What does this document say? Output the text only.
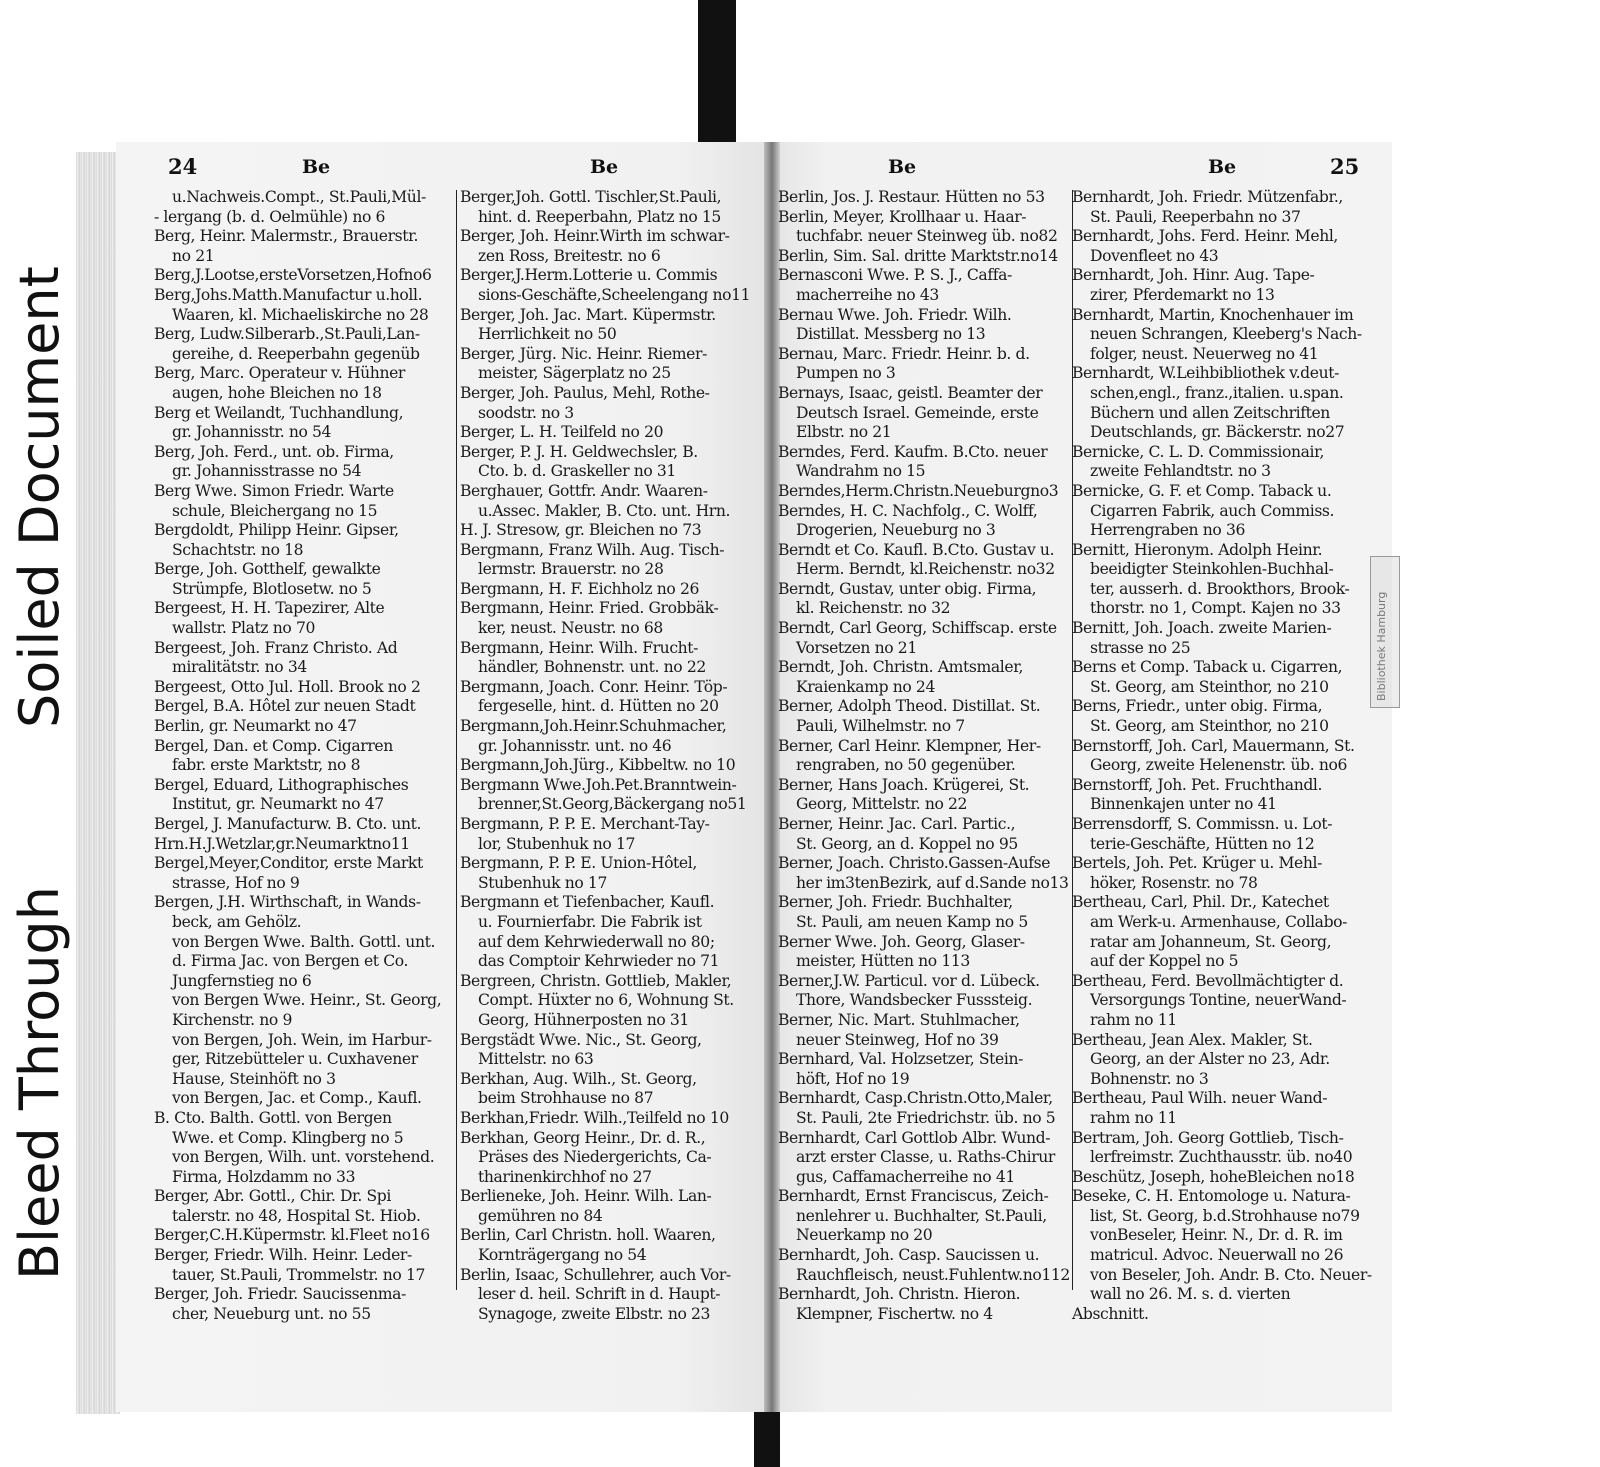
Soiled Document
Bleed Through
24	Be	Be	Be	Be	25
u.Nachweis.Compt., St.Pauli,Mül-
- lergang (b. d. Oelmühle) no 6
Berg, Heinr. Malermstr., Brauerstr.
no 21
Berg,J.Lootse,ersteVorsetzen,Hofno6
Berg,Johs.Matth.Manufactur u.holl.
Waaren, kl. Michaeliskirche no 28
Berg, Ludw.Silberarb.,St.Pauli,Lan-
gereihe, d. Reeperbahn gegenüb
Berg, Marc. Operateur v. Hühner
augen, hohe Bleichen no 18
Berg et Weilandt, Tuchhandlung,
gr. Johannisstr. no 54
Berg, Joh. Ferd., unt. ob. Firma,
gr. Johannisstrasse no 54
Berg Wwe. Simon Friedr. Warte
schule, Bleichergang no 15
Bergdoldt, Philipp Heinr. Gipser,
Schachtstr. no 18
Berge, Joh. Gotthelf, gewalkte
Strümpfe, Blotlosetw. no 5
Bergeest, H. H. Tapezirer, Alte
wallstr. Platz no 70
Bergeest, Joh. Franz Christo. Ad
miralitätstr. no 34
Bergeest, Otto Jul. Holl. Brook no 2
Bergel, B.A. Hôtel zur neuen Stadt
Berlin, gr. Neumarkt no 47
Bergel, Dan. et Comp. Cigarren
fabr. erste Marktstr, no 8
Bergel, Eduard, Lithographisches
Institut, gr. Neumarkt no 47
Bergel, J. Manufacturw. B. Cto. unt.
Hrn.H.J.Wetzlar,gr.Neumarktno11
Bergel,Meyer,Conditor, erste Markt
strasse, Hof no 9
Bergen, J.H. Wirthschaft, in Wands-
beck, am Gehölz.
von Bergen Wwe. Balth. Gottl. unt.
d. Firma Jac. von Bergen et Co.
Jungfernstieg no 6
von Bergen Wwe. Heinr., St. Georg,
Kirchenstr. no 9
von Bergen, Joh. Wein, im Harbur-
ger, Ritzebütteler u. Cuxhavener
Hause, Steinhöft no 3
von Bergen, Jac. et Comp., Kaufl.
B. Cto. Balth. Gottl. von Bergen
Wwe. et Comp. Klingberg no 5
von Bergen, Wilh. unt. vorstehend.
Firma, Holzdamm no 33
Berger, Abr. Gottl., Chir. Dr. Spi
talerstr. no 48, Hospital St. Hiob.
Berger,C.H.Küpermstr. kl.Fleet no16
Berger, Friedr. Wilh. Heinr. Leder-
tauer, St.Pauli, Trommelstr. no 17
Berger, Joh. Friedr. Saucissenma-
cher, Neueburg unt. no 55
Berger,Joh. Gottl. Tischler,St.Pauli,
hint. d. Reeperbahn, Platz no 15
Berger, Joh. Heinr.Wirth im schwar-
zen Ross, Breitestr. no 6
Berger,J.Herm.Lotterie u. Commis
sions-Geschäfte,Scheelengang no11
Berger, Joh. Jac. Mart. Küpermstr.
Herrlichkeit no 50
Berger, Jürg. Nic. Heinr. Riemer-
meister, Sägerplatz no 25
Berger, Joh. Paulus, Mehl, Rothe-
soodstr. no 3
Berger, L. H. Teilfeld no 20
Berger, P. J. H. Geldwechsler, B.
Cto. b. d. Graskeller no 31
Berghauer, Gottfr. Andr. Waaren-
u.Assec. Makler, B. Cto. unt. Hrn.
H. J. Stresow, gr. Bleichen no 73
Bergmann, Franz Wilh. Aug. Tisch-
lermstr. Brauerstr. no 28
Bergmann, H. F. Eichholz no 26
Bergmann, Heinr. Fried. Grobbäk-
ker, neust. Neustr. no 68
Bergmann, Heinr. Wilh. Frucht-
händler, Bohnenstr. unt. no 22
Bergmann, Joach. Conr. Heinr. Töp-
fergeselle, hint. d. Hütten no 20
Bergmann,Joh.Heinr.Schuhmacher,
gr. Johannisstr. unt. no 46
Bergmann,Joh.Jürg., Kibbeltw. no 10
Bergmann Wwe.Joh.Pet.Branntwein-
brenner,St.Georg,Bäckergang no51
Bergmann, P. P. E. Merchant-Tay-
lor, Stubenhuk no 17
Bergmann, P. P. E. Union-Hôtel,
Stubenhuk no 17
Bergmann et Tiefenbacher, Kaufl.
u. Fournierfabr. Die Fabrik ist
auf dem Kehrwiederwall no 80;
das Comptoir Kehrwieder no 71
Bergreen, Christn. Gottlieb, Makler,
Compt. Hüxter no 6, Wohnung St.
Georg, Hühnerposten no 31
Bergstädt Wwe. Nic., St. Georg,
Mittelstr. no 63
Berkhan, Aug. Wilh., St. Georg,
beim Strohhause no 87
Berkhan,Friedr. Wilh.,Teilfeld no 10
Berkhan, Georg Heinr., Dr. d. R.,
Präses des Niedergerichts, Ca-
tharinenkirchhof no 27
Berlieneke, Joh. Heinr. Wilh. Lan-
gemühren no 84
Berlin, Carl Christn. holl. Waaren,
Kornträgergang no 54
Berlin, Isaac, Schullehrer, auch Vor-
leser d. heil. Schrift in d. Haupt-
Synagoge, zweite Elbstr. no 23
Berlin, Jos. J. Restaur. Hütten no 53
Berlin, Meyer, Krollhaar u. Haar-
tuchfabr. neuer Steinweg üb. no82
Berlin, Sim. Sal. dritte Marktstr.no14
Bernasconi Wwe. P. S. J., Caffa-
macherreihe no 43
Bernau Wwe. Joh. Friedr. Wilh.
Distillat. Messberg no 13
Bernau, Marc. Friedr. Heinr. b. d.
Pumpen no 3
Bernays, Isaac, geistl. Beamter der
Deutsch Israel. Gemeinde, erste
Elbstr. no 21
Berndes, Ferd. Kaufm. B.Cto. neuer
Wandrahm no 15
Berndes,Herm.Christn.Neueburgno3
Berndes, H. C. Nachfolg., C. Wolff,
Drogerien, Neueburg no 3
Berndt et Co. Kaufl. B.Cto. Gustav u.
Herm. Berndt, kl.Reichenstr. no32
Berndt, Gustav, unter obig. Firma,
kl. Reichenstr. no 32
Berndt, Carl Georg, Schiffscap. erste
Vorsetzen no 21
Berndt, Joh. Christn. Amtsmaler,
Kraienkamp no 24
Berner, Adolph Theod. Distillat. St.
Pauli, Wilhelmstr. no 7
Berner, Carl Heinr. Klempner, Her-
rengraben, no 50 gegenüber.
Berner, Hans Joach. Krügerei, St.
Georg, Mittelstr. no 22
Berner, Heinr. Jac. Carl. Partic.,
St. Georg, an d. Koppel no 95
Berner, Joach. Christo.Gassen-Aufse
her im3tenBezirk, auf d.Sande no13
Berner, Joh. Friedr. Buchhalter,
St. Pauli, am neuen Kamp no 5
Berner Wwe. Joh. Georg, Glaser-
meister, Hütten no 113
Berner,J.W. Particul. vor d. Lübeck.
Thore, Wandsbecker Fusssteig.
Berner, Nic. Mart. Stuhlmacher,
neuer Steinweg, Hof no 39
Bernhard, Val. Holzsetzer, Stein-
höft, Hof no 19
Bernhardt, Casp.Christn.Otto,Maler,
St. Pauli, 2te Friedrichstr. üb. no 5
Bernhardt, Carl Gottlob Albr. Wund-
arzt erster Classe, u. Raths-Chirur
gus, Caffamacherreihe no 41
Bernhardt, Ernst Franciscus, Zeich-
nenlehrer u. Buchhalter, St.Pauli,
Neuerkamp no 20
Bernhardt, Joh. Casp. Saucissen u.
Rauchfleisch, neust.Fuhlentw.no112
Bernhardt, Joh. Christn. Hieron.
Klempner, Fischertw. no 4
Bernhardt, Joh. Friedr. Mützenfabr.,
St. Pauli, Reeperbahn no 37
Bernhardt, Johs. Ferd. Heinr. Mehl,
Dovenfleet no 43
Bernhardt, Joh. Hinr. Aug. Tape-
zirer, Pferdemarkt no 13
Bernhardt, Martin, Knochenhauer im
neuen Schrangen, Kleeberg's Nach-
folger, neust. Neuerweg no 41
Bernhardt, W.Leihbibliothek v.deut-
schen,engl., franz.,italien. u.span.
Büchern und allen Zeitschriften
Deutschlands, gr. Bäckerstr. no27
Bernicke, C. L. D. Commissionair,
zweite Fehlandtstr. no 3
Bernicke, G. F. et Comp. Taback u.
Cigarren Fabrik, auch Commiss.
Herrengraben no 36
Bernitt, Hieronym. Adolph Heinr.
beeidigter Steinkohlen-Buchhal-
ter, ausserh. d. Brookthors, Brook-
thorstr. no 1, Compt. Kajen no 33
Bernitt, Joh. Joach. zweite Marien-
strasse no 25
Berns et Comp. Taback u. Cigarren,
St. Georg, am Steinthor, no 210
Berns, Friedr., unter obig. Firma,
St. Georg, am Steinthor, no 210
Bernstorff, Joh. Carl, Mauermann, St.
Georg, zweite Helenenstr. üb. no6
Bernstorff, Joh. Pet. Fruchthandl.
Binnenkajen unter no 41
Berrensdorff, S. Commissn. u. Lot-
terie-Geschäfte, Hütten no 12
Bertels, Joh. Pet. Krüger u. Mehl-
höker, Rosenstr. no 78
Bertheau, Carl, Phil. Dr., Katechet
am Werk-u. Armenhause, Collabo-
ratar am Johanneum, St. Georg,
auf der Koppel no 5
Bertheau, Ferd. Bevollmächtigter d.
Versorgungs Tontine, neuerWand-
rahm no 11
Bertheau, Jean Alex. Makler, St.
Georg, an der Alster no 23, Adr.
Bohnenstr. no 3
Bertheau, Paul Wilh. neuer Wand-
rahm no 11
Bertram, Joh. Georg Gottlieb, Tisch-
lerfreimstr. Zuchthausstr. üb. no40
Beschütz, Joseph, hoheBleichen no18
Beseke, C. H. Entomologe u. Natura-
list, St. Georg, b.d.Strohhause no79
vonBeseler, Heinr. N., Dr. d. R. im
matricul. Advoc. Neuerwall no 26
von Beseler, Joh. Andr. B. Cto. Neuer-
wall no 26. M. s. d. vierten
Abschnitt.
Bibliothek Hamburg
